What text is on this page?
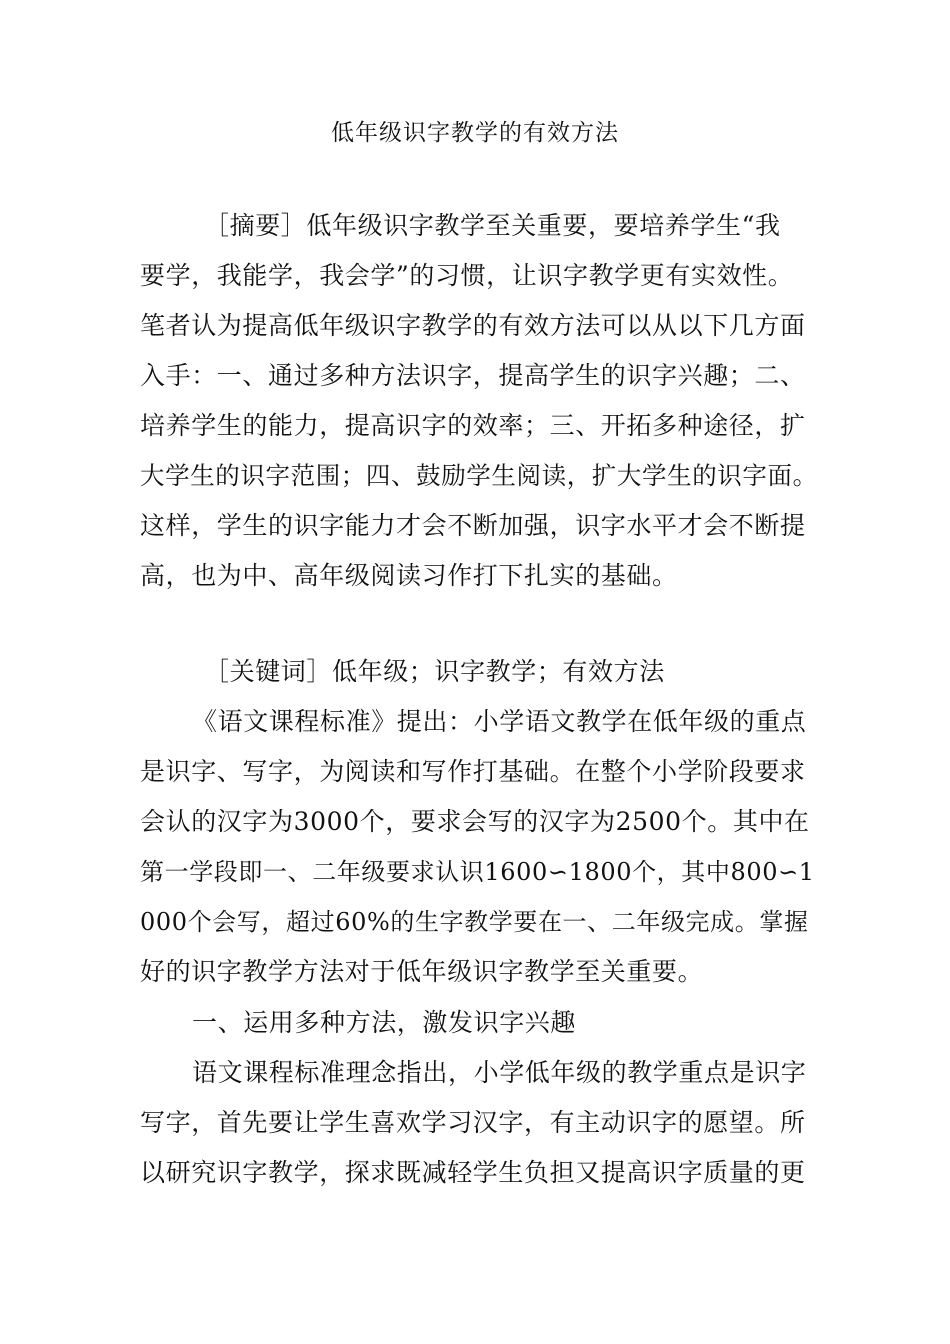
低年级识字教学的有效方法
［摘要］低年级识字教学至关重要，要培养学生“我
要学，我能学，我会学”的习惯，让识字教学更有实效性。
笔者认为提高低年级识字教学的有效方法可以从以下几方面
入手：一、通过多种方法识字，提高学生的识字兴趣；二、
培养学生的能力，提高识字的效率；三、开拓多种途径，扩
大学生的识字范围；四、鼓励学生阅读，扩大学生的识字面。
这样，学生的识字能力才会不断加强，识字水平才会不断提
高，也为中、高年级阅读习作打下扎实的基础。
［关键词］低年级；识字教学；有效方法
《语文课程标准》提出：小学语文教学在低年级的重点
是识字、写字，为阅读和写作打基础。在整个小学阶段要求
会认的汉字为3000个，要求会写的汉字为2500个。其中在
第一学段即一、二年级要求认识1600∽1800个，其中800∽1
000个会写，超过60%的生字教学要在一、二年级完成。掌握
好的识字教学方法对于低年级识字教学至关重要。
一、运用多种方法，激发识字兴趣
语文课程标准理念指出，小学低年级的教学重点是识字
写字，首先要让学生喜欢学习汉字，有主动识字的愿望。所
以研究识字教学，探求既减轻学生负担又提高识字质量的更
